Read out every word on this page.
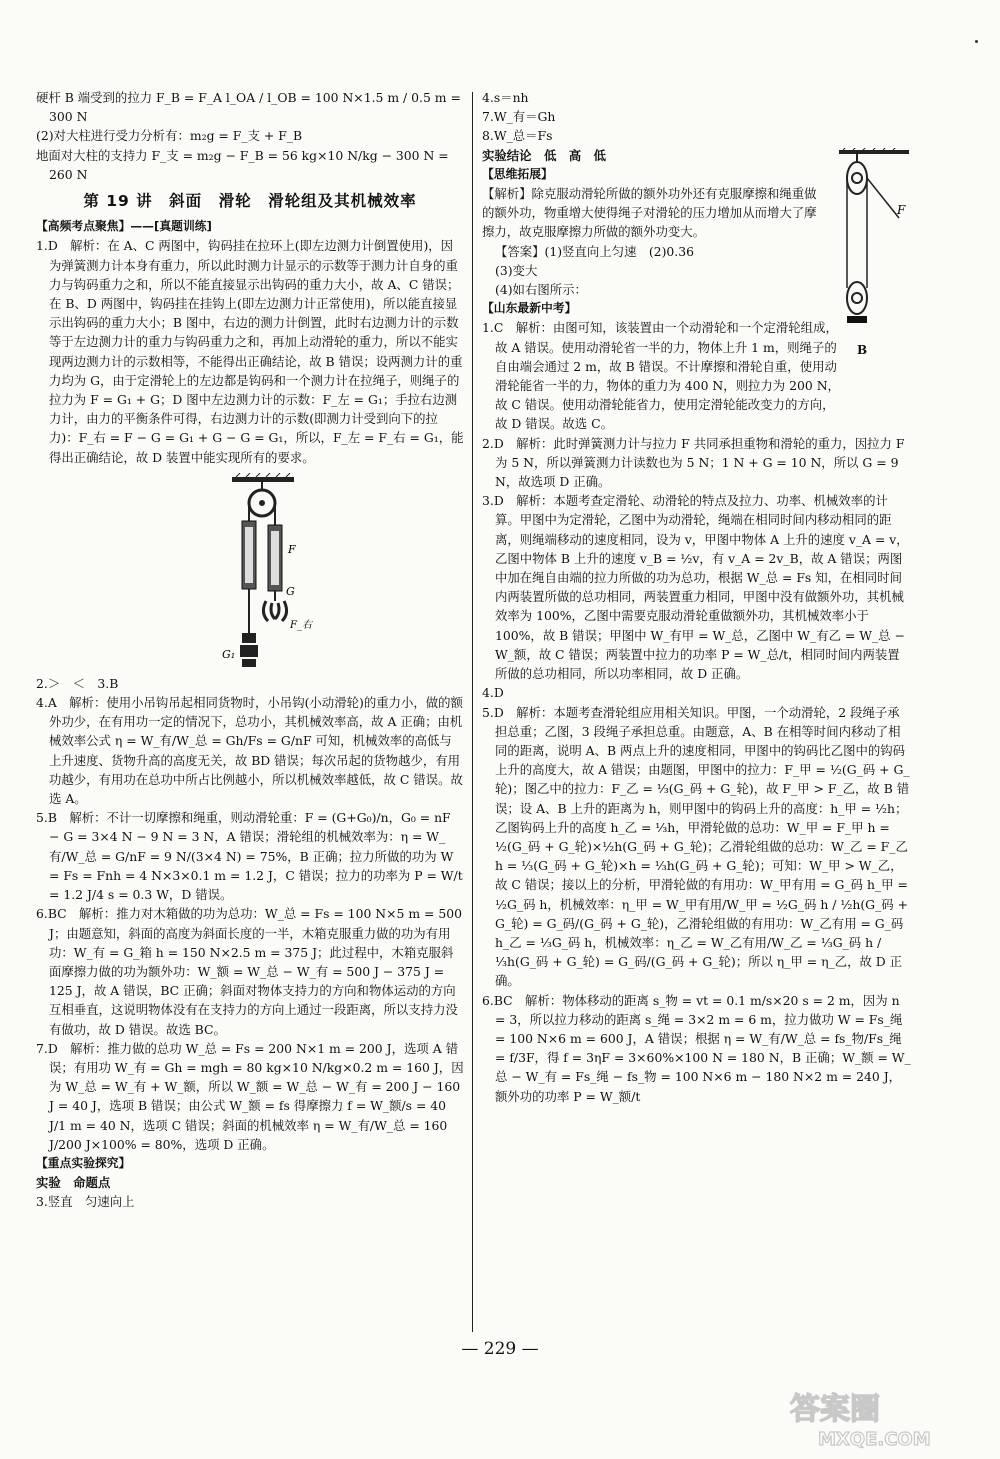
硬杆 B 端受到的拉力 F_B = F_A l_OA / l_OB = 100 N×1.5 m / 0.5 m = 300 N

(2)对大柱进行受力分析有：m₂g = F_支 + F_B

地面对大柱的支持力 F_支 = m₂g − F_B = 56 kg×10 N/kg − 300 N = 260 N

第 19 讲　斜面　滑轮　滑轮组及其机械效率

【高频考点聚焦】——[真题训练]

1.D　解析：在 A、C 两图中，钩码挂在拉环上(即左边测力计倒置使用)，因为弹簧测力计本身有重力，所以此时测力计显示的示数等于测力计自身的重力与钩码重力之和，所以不能直接显示出钩码的重力大小，故 A、C 错误；在 B、D 两图中，钩码挂在挂钩上(即左边测力计正常使用)，所以能直接显示出钩码的重力大小；B 图中，右边的测力计倒置，此时右边测力计的示数等于左边测力计的重力与钩码重力之和，再加上动滑轮的重力，所以不能实现两边测力计的示数相等，不能得出正确结论，故 B 错误；设两测力计的重力均为 G，由于定滑轮上的左边都是钩码和一个测力计在拉绳子，则绳子的拉力为 F = G₁ + G；D 图中左边测力计的示数：F_左 = G₁；手拉右边测力计，由力的平衡条件可得，右边测力计的示数(即测力计受到向下的拉力)：F_右 = F − G = G₁ + G − G = G₁，所以，F_左 = F_右 = G₁，能得出正确结论，故 D 装置中能实现所有的要求。

F
G
F_右
G₁

2.＞　＜　3.B

4.A　解析：使用小吊钩吊起相同货物时，小吊钩(小动滑轮)的重力小，做的额外功少，在有用功一定的情况下，总功小，其机械效率高，故 A 正确；由机械效率公式 η = W_有/W_总 = Gh/Fs = G/nF 可知，机械效率的高低与上升速度、货物升高的高度无关，故 BD 错误；每次吊起的货物越少，有用功越少，有用功在总功中所占比例越小，所以机械效率越低，故 C 错误。故选 A。

5.B　解析：不计一切摩擦和绳重，则动滑轮重：F = (G+G₀)/n，G₀ = nF − G = 3×4 N − 9 N = 3 N，A 错误；滑轮组的机械效率为：η = W_有/W_总 = G/nF = 9 N/(3×4 N) = 75%，B 正确；拉力所做的功为 W = Fs = Fnh = 4 N×3×0.1 m = 1.2 J，C 错误；拉力的功率为 P = W/t = 1.2 J/4 s = 0.3 W，D 错误。

6.BC　解析：推力对木箱做的功为总功：W_总 = Fs = 100 N×5 m = 500 J；由题意知，斜面的高度为斜面长度的一半，木箱克服重力做的功为有用功：W_有 = G_箱 h = 150 N×2.5 m = 375 J；此过程中，木箱克服斜面摩擦力做的功为额外功：W_额 = W_总 − W_有 = 500 J − 375 J = 125 J，故 A 错误，BC 正确；斜面对物体支持力的方向和物体运动的方向互相垂直，这说明物体没有在支持力的方向上通过一段距离，所以支持力没有做功，故 D 错误。故选 BC。

7.D　解析：推力做的总功 W_总 = Fs = 200 N×1 m = 200 J，选项 A 错误；有用功 W_有 = Gh = mgh = 80 kg×10 N/kg×0.2 m = 160 J，因为 W_总 = W_有 + W_额，所以 W_额 = W_总 − W_有 = 200 J − 160 J = 40 J，选项 B 错误；由公式 W_额 = fs 得摩擦力 f = W_额/s = 40 J/1 m = 40 N，选项 C 错误；斜面的机械效率 η = W_有/W_总 = 160 J/200 J×100% = 80%，选项 D 正确。

【重点实验探究】

实验　命题点

3.竖直　匀速向上

4.s＝nh

7.W_有＝Gh

8.W_总＝Fs

实验结论　低　高　低

【思维拓展】

【解析】除克服动滑轮所做的额外功外还有克服摩擦和绳重做的额外功，物重增大使得绳子对滑轮的压力增加从而增大了摩擦力，故克服摩擦力所做的额外功变大。

【答案】(1)竖直向上匀速　(2)0.36

(3)变大

(4)如右图所示：

F
B

【山东最新中考】

1.C　解析：由图可知，该装置由一个动滑轮和一个定滑轮组成，故 A 错误。使用动滑轮省一半的力，物体上升 1 m，则绳子的自由端会通过 2 m，故 B 错误。不计摩擦和滑轮自重，使用动滑轮能省一半的力，物体的重力为 400 N，则拉力为 200 N，故 C 错误。使用动滑轮能省力，使用定滑轮能改变力的方向，故 D 错误。故选 C。

2.D　解析：此时弹簧测力计与拉力 F 共同承担重物和滑轮的重力，因拉力 F 为 5 N，所以弹簧测力计读数也为 5 N；1 N + G = 10 N，所以 G = 9 N，故选项 D 正确。

3.D　解析：本题考查定滑轮、动滑轮的特点及拉力、功率、机械效率的计算。甲图中为定滑轮，乙图中为动滑轮，绳端在相同时间内移动相同的距离，则绳端移动的速度相同，设为 v，甲图中物体 A 上升的速度 v_A = v，乙图中物体 B 上升的速度 v_B = ½v，有 v_A = 2v_B，故 A 错误；两图中加在绳自由端的拉力所做的功为总功，根据 W_总 = Fs 知，在相同时间内两装置所做的总功相同，两装置重力相同，甲图中没有做额外功，其机械效率为 100%，乙图中需要克服动滑轮重做额外功，其机械效率小于 100%，故 B 错误；甲图中 W_有甲 = W_总，乙图中 W_有乙 = W_总 − W_额，故 C 错误；两装置中拉力的功率 P = W_总/t，相同时间内两装置所做的总功相同，所以功率相同，故 D 正确。

4.D

5.D　解析：本题考查滑轮组应用相关知识。甲图，一个动滑轮，2 段绳子承担总重；乙图，3 段绳子承担总重。由题意，A、B 在相等时间内移动了相同的距离，说明 A、B 两点上升的速度相同，甲图中的钩码比乙图中的钩码上升的高度大，故 A 错误；由题图，甲图中的拉力：F_甲 = ½(G_码 + G_轮)；图乙中的拉力：F_乙 = ⅓(G_码 + G_轮)，故 F_甲 > F_乙，故 B 错误；设 A、B 上升的距离为 h，则甲图中的钩码上升的高度：h_甲 = ½h；乙图钩码上升的高度 h_乙 = ⅓h，甲滑轮做的总功：W_甲 = F_甲 h = ½(G_码 + G_轮)×½h(G_码 + G_轮)；乙滑轮组做的总功：W_乙 = F_乙 h = ⅓(G_码 + G_轮)×h = ⅓h(G_码 + G_轮)；可知：W_甲 > W_乙，故 C 错误；接以上的分析，甲滑轮做的有用功：W_甲有用 = G_码 h_甲 = ½G_码 h，机械效率：η_甲 = W_甲有用/W_甲 = ½G_码 h / ½h(G_码 + G_轮) = G_码/(G_码 + G_轮)，乙滑轮组做的有用功：W_乙有用 = G_码 h_乙 = ⅓G_码 h，机械效率：η_乙 = W_乙有用/W_乙 = ⅓G_码 h / ⅓h(G_码 + G_轮) = G_码/(G_码 + G_轮)；所以 η_甲 = η_乙，故 D 正确。

6.BC　解析：物体移动的距离 s_物 = vt = 0.1 m/s×20 s = 2 m，因为 n = 3，所以拉力移动的距离 s_绳 = 3×2 m = 6 m，拉力做功 W = Fs_绳 = 100 N×6 m = 600 J，A 错误；根据 η = W_有/W_总 = fs_物/Fs_绳 = f/3F，得 f = 3ηF = 3×60%×100 N = 180 N，B 正确；W_额 = W_总 − W_有 = Fs_绳 − fs_物 = 100 N×6 m − 180 N×2 m = 240 J，额外功的功率 P = W_额/t

— 229 —
答案圈
MXQE.COM
